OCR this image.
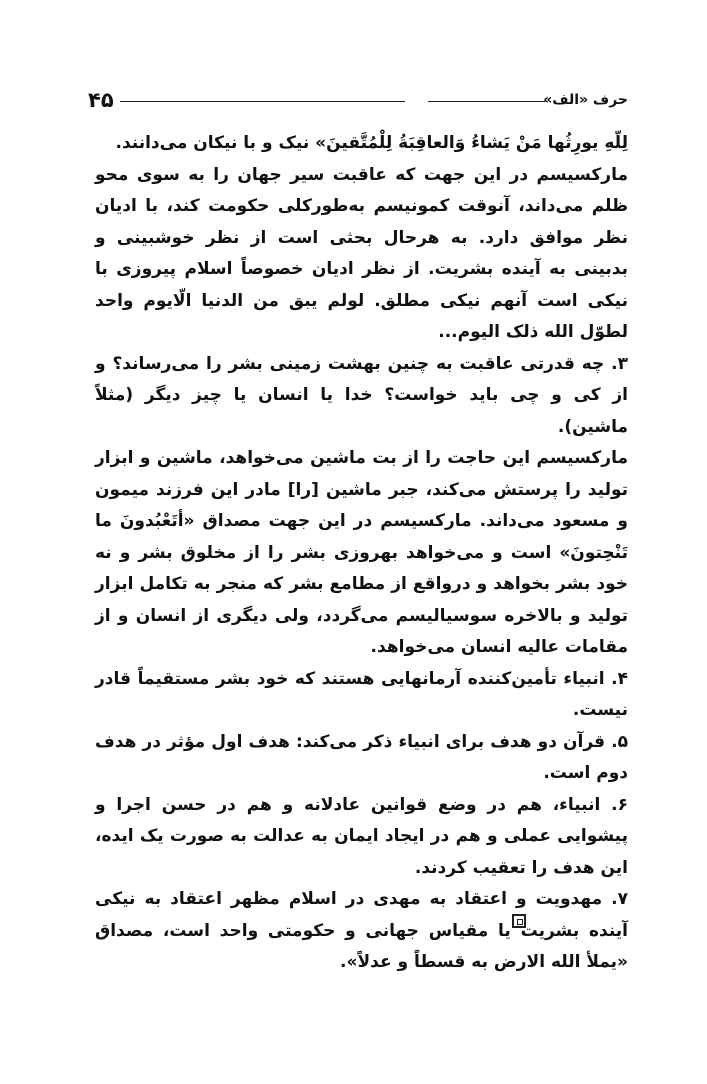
۴۵	حرف «الف»

لِلّهِ يورِثُها مَنْ يَشاءُ وَالعاقِبَةُ لِلْمُتَّقينَ» نیک و با نیکان می‌دانند.

مارکسیسم در این جهت که عاقبت سیر جهان را به سوی محو ظلم می‌داند، آنوقت کمونیسم به‌طورکلی حکومت کند، با ادیان نظر موافق دارد. به هرحال بحثی است از نظر خوشبینی و بدبینی به آینده بشریت. از نظر ادیان خصوصاً اسلام پیروزی با نیکی است آنهم نیکی مطلق. لولم يبق من الدنيا الّايوم واحد لطوّل الله ذلک اليوم...

۳. چه قدرتی عاقبت به چنین بهشت زمینی بشر را می‌رساند؟ و از کی و چی باید خواست؟ خدا یا انسان یا چیز دیگر (مثلاً ماشین).

مارکسیسم این حاجت را از بت ماشین می‌خواهد، ماشین و ابزار تولید را پرستش می‌کند، جبر ماشین [را] مادر این فرزند میمون و مسعود می‌داند. مارکسیسم در این جهت مصداق «أتَعْبُدونَ ما تَنْحِتونَ» است و می‌خواهد بهروزی بشر را از مخلوق بشر و نه خود بشر بخواهد و درواقع از مطامع بشر که منجر به تکامل ابزار تولید و بالاخره سوسیالیسم می‌گردد، ولی دیگری از انسان و از مقامات عالیه انسان می‌خواهد.

۴. انبیاء تأمین‌کننده آرمانهایی هستند که خود بشر مستقیماً قادر نیست.

۵. قرآن دو هدف برای انبیاء ذکر می‌کند: هدف اول مؤثر در هدف دوم است.

۶. انبیاء، هم در وضع قوانین عادلانه و هم در حسن اجرا و پیشوایی عملی و هم در ایجاد ایمان به عدالت به صورت یک ایده، این هدف را تعقیب کردند.

۷. مهدویت و اعتقاد به مهدی در اسلام مظهر اعتقاد به نیکی آینده بشریت یا مقیاس جهانی و حکومتی واحد است، مصداق «يملأ الله الارض به قسطاً و عدلاً».
